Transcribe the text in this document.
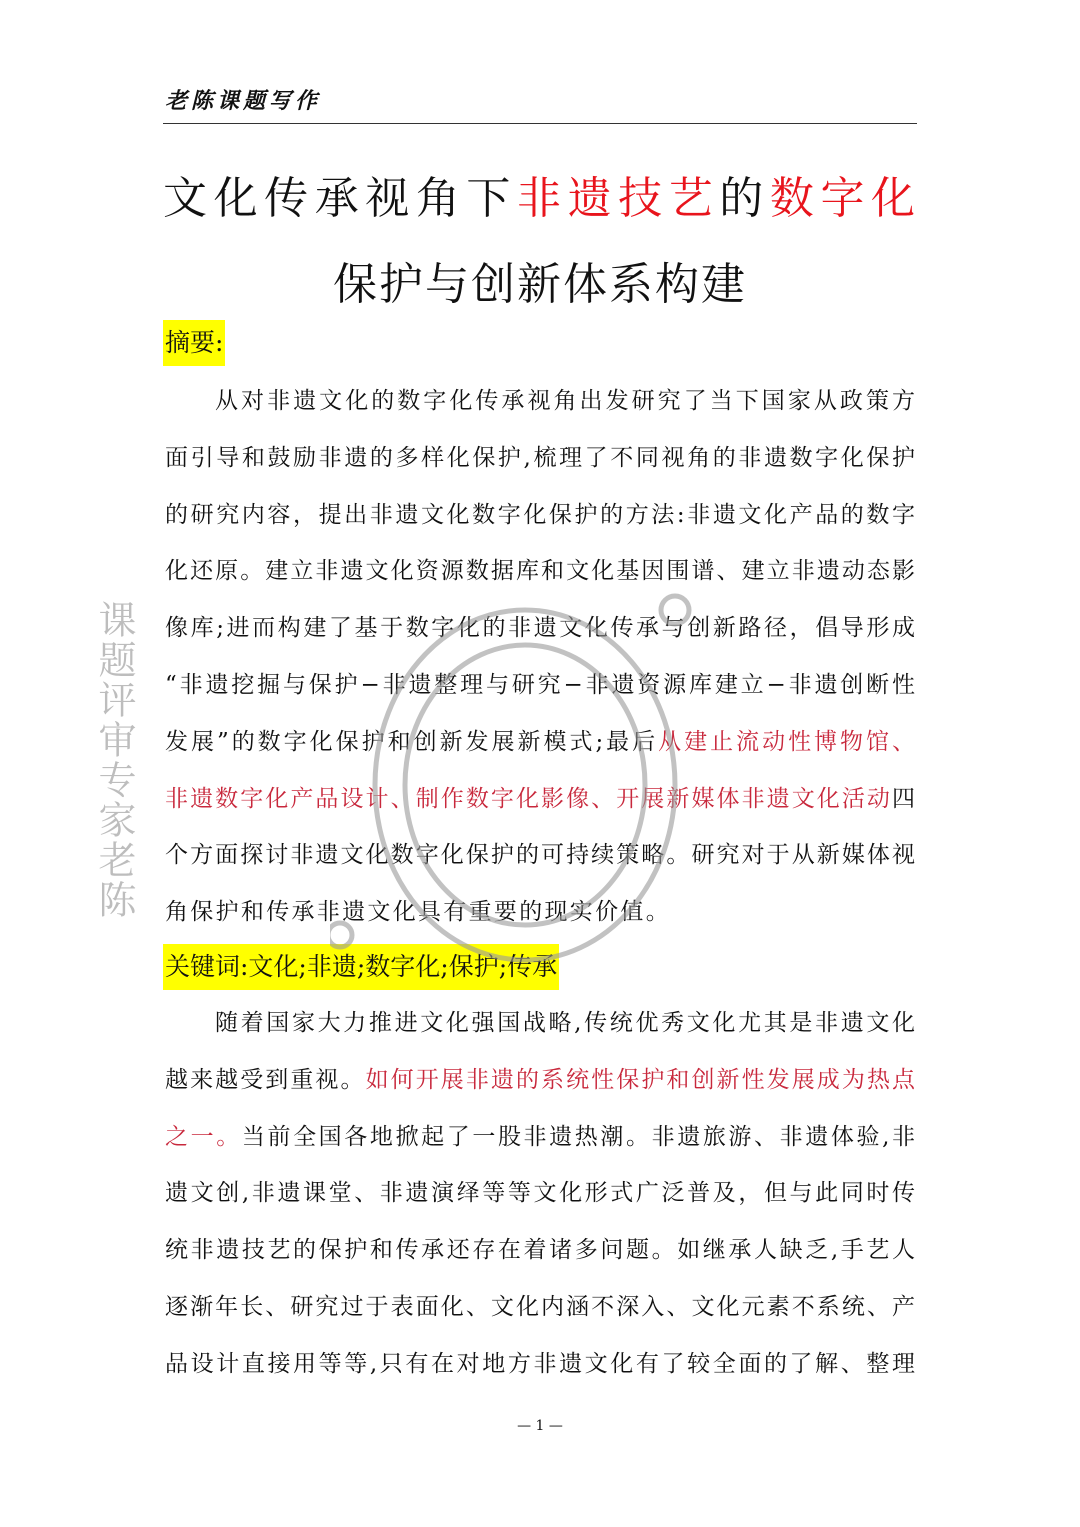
老陈课题写作
文化传承视角下非遗技艺的数字化
保护与创新体系构建
摘要:
从对非遗文化的数字化传承视角出发研究了当下国家从政策方
面引导和鼓励非遗的多样化保护,梳理了不同视角的非遗数字化保护
的研究内容，提出非遗文化数字化保护的方法:非遗文化产品的数字
化还原。建立非遗文化资源数据库和文化基因围谱、建立非遗动态影
像库;进而构建了基于数字化的非遗文化传承与创新路径，倡导形成
“非遗挖掘与保护−非遗整理与研究−非遗资源库建立−非遗创断性
发展”的数字化保护和创新发展新模式;最后从建止流动性博物馆、
非遗数字化产品设计、制作数字化影像、开展新媒体非遗文化活动四
个方面探讨非遗文化数字化保护的可持续策略。研究对于从新媒体视
角保护和传承非遗文化具有重要的现实价值。
关键词:文化;非遗;数字化;保护;传承
随着国家大力推进文化强国战略,传统优秀文化尤其是非遗文化
越来越受到重视。如何开展非遗的系统性保护和创新性发展成为热点
之一。当前全国各地掀起了一股非遗热潮。非遗旅游、非遗体验,非
遗文创,非遗课堂、非遗演绎等等文化形式广泛普及，但与此同时传
统非遗技艺的保护和传承还存在着诸多问题。如继承人缺乏,手艺人
逐渐年长、研究过于表面化、文化内涵不深入、文化元素不系统、产
品设计直接用等等,只有在对地方非遗文化有了较全面的了解、整理
— 1 —
课题评审专家老陈
